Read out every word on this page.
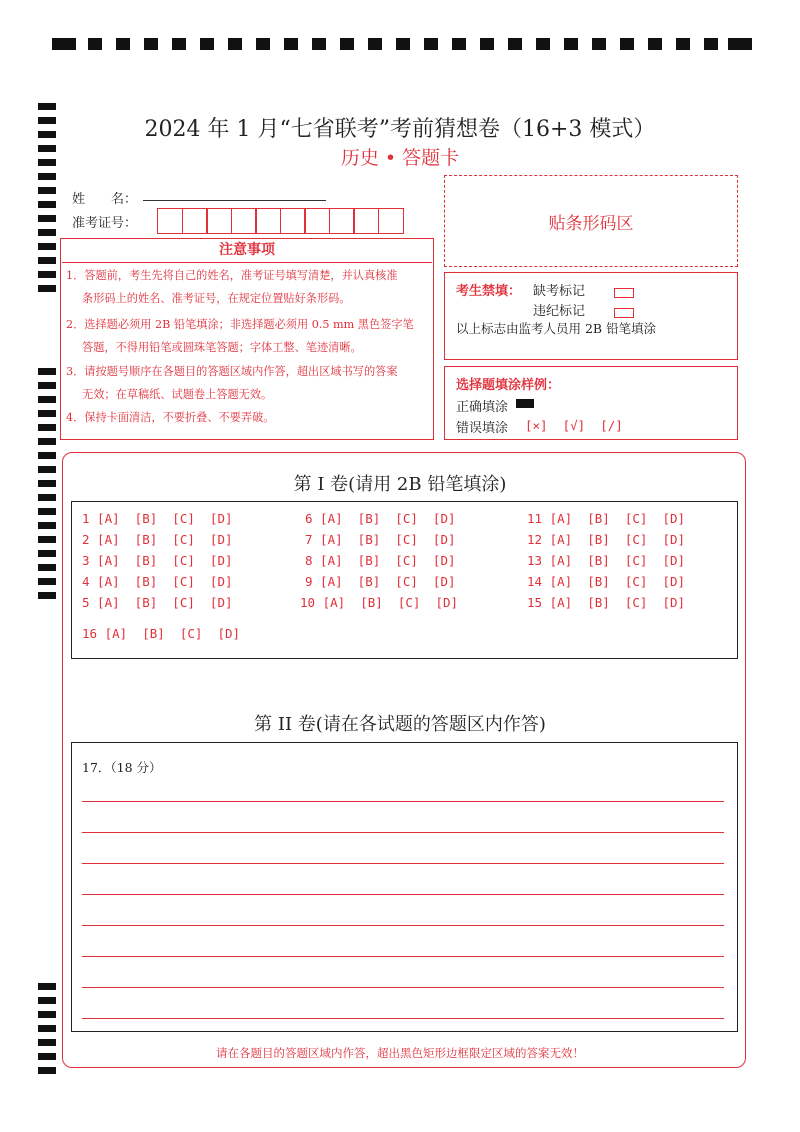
2024 年 1 月“七省联考”考前猜想卷（16+3 模式）
历史 • 答题卡
姓　　名：
准考证号：	贴条形码区
注意事项
1．答题前，考生先将自己的姓名，准考证号填写清楚，并认真核准
条形码上的姓名、准考证号，在规定位置贴好条形码。
2．选择题必须用 2B 铅笔填涂；非选择题必须用 0.5 mm 黑色签字笔
答题，不得用铅笔或圆珠笔答题；字体工整、笔迹清晰。
3．请按题号顺序在各题目的答题区域内作答，超出区域书写的答案
无效；在草稿纸、试题卷上答题无效。
4．保持卡面清洁，不要折叠、不要弄破。
考生禁填： 缺考标记
违纪标记
以上标志由监考人员用 2B 铅笔填涂
选择题填涂样例：
正确填涂
错误填涂 [×]  [√]  [/]
第 I 卷(请用 2B 铅笔填涂)
1 [A]  [B]  [C]  [D]	6 [A]  [B]  [C]  [D]	11 [A]  [B]  [C]  [D]
2 [A]  [B]  [C]  [D]	7 [A]  [B]  [C]  [D]	12 [A]  [B]  [C]  [D]
3 [A]  [B]  [C]  [D]	8 [A]  [B]  [C]  [D]	13 [A]  [B]  [C]  [D]
4 [A]  [B]  [C]  [D]	9 [A]  [B]  [C]  [D]	14 [A]  [B]  [C]  [D]
5 [A]  [B]  [C]  [D]	10 [A]  [B]  [C]  [D]	15 [A]  [B]  [C]  [D]
16 [A]  [B]  [C]  [D]
第 II 卷(请在各试题的答题区内作答)
17．（18 分）
请在各题目的答题区域内作答，超出黑色矩形边框限定区域的答案无效！
